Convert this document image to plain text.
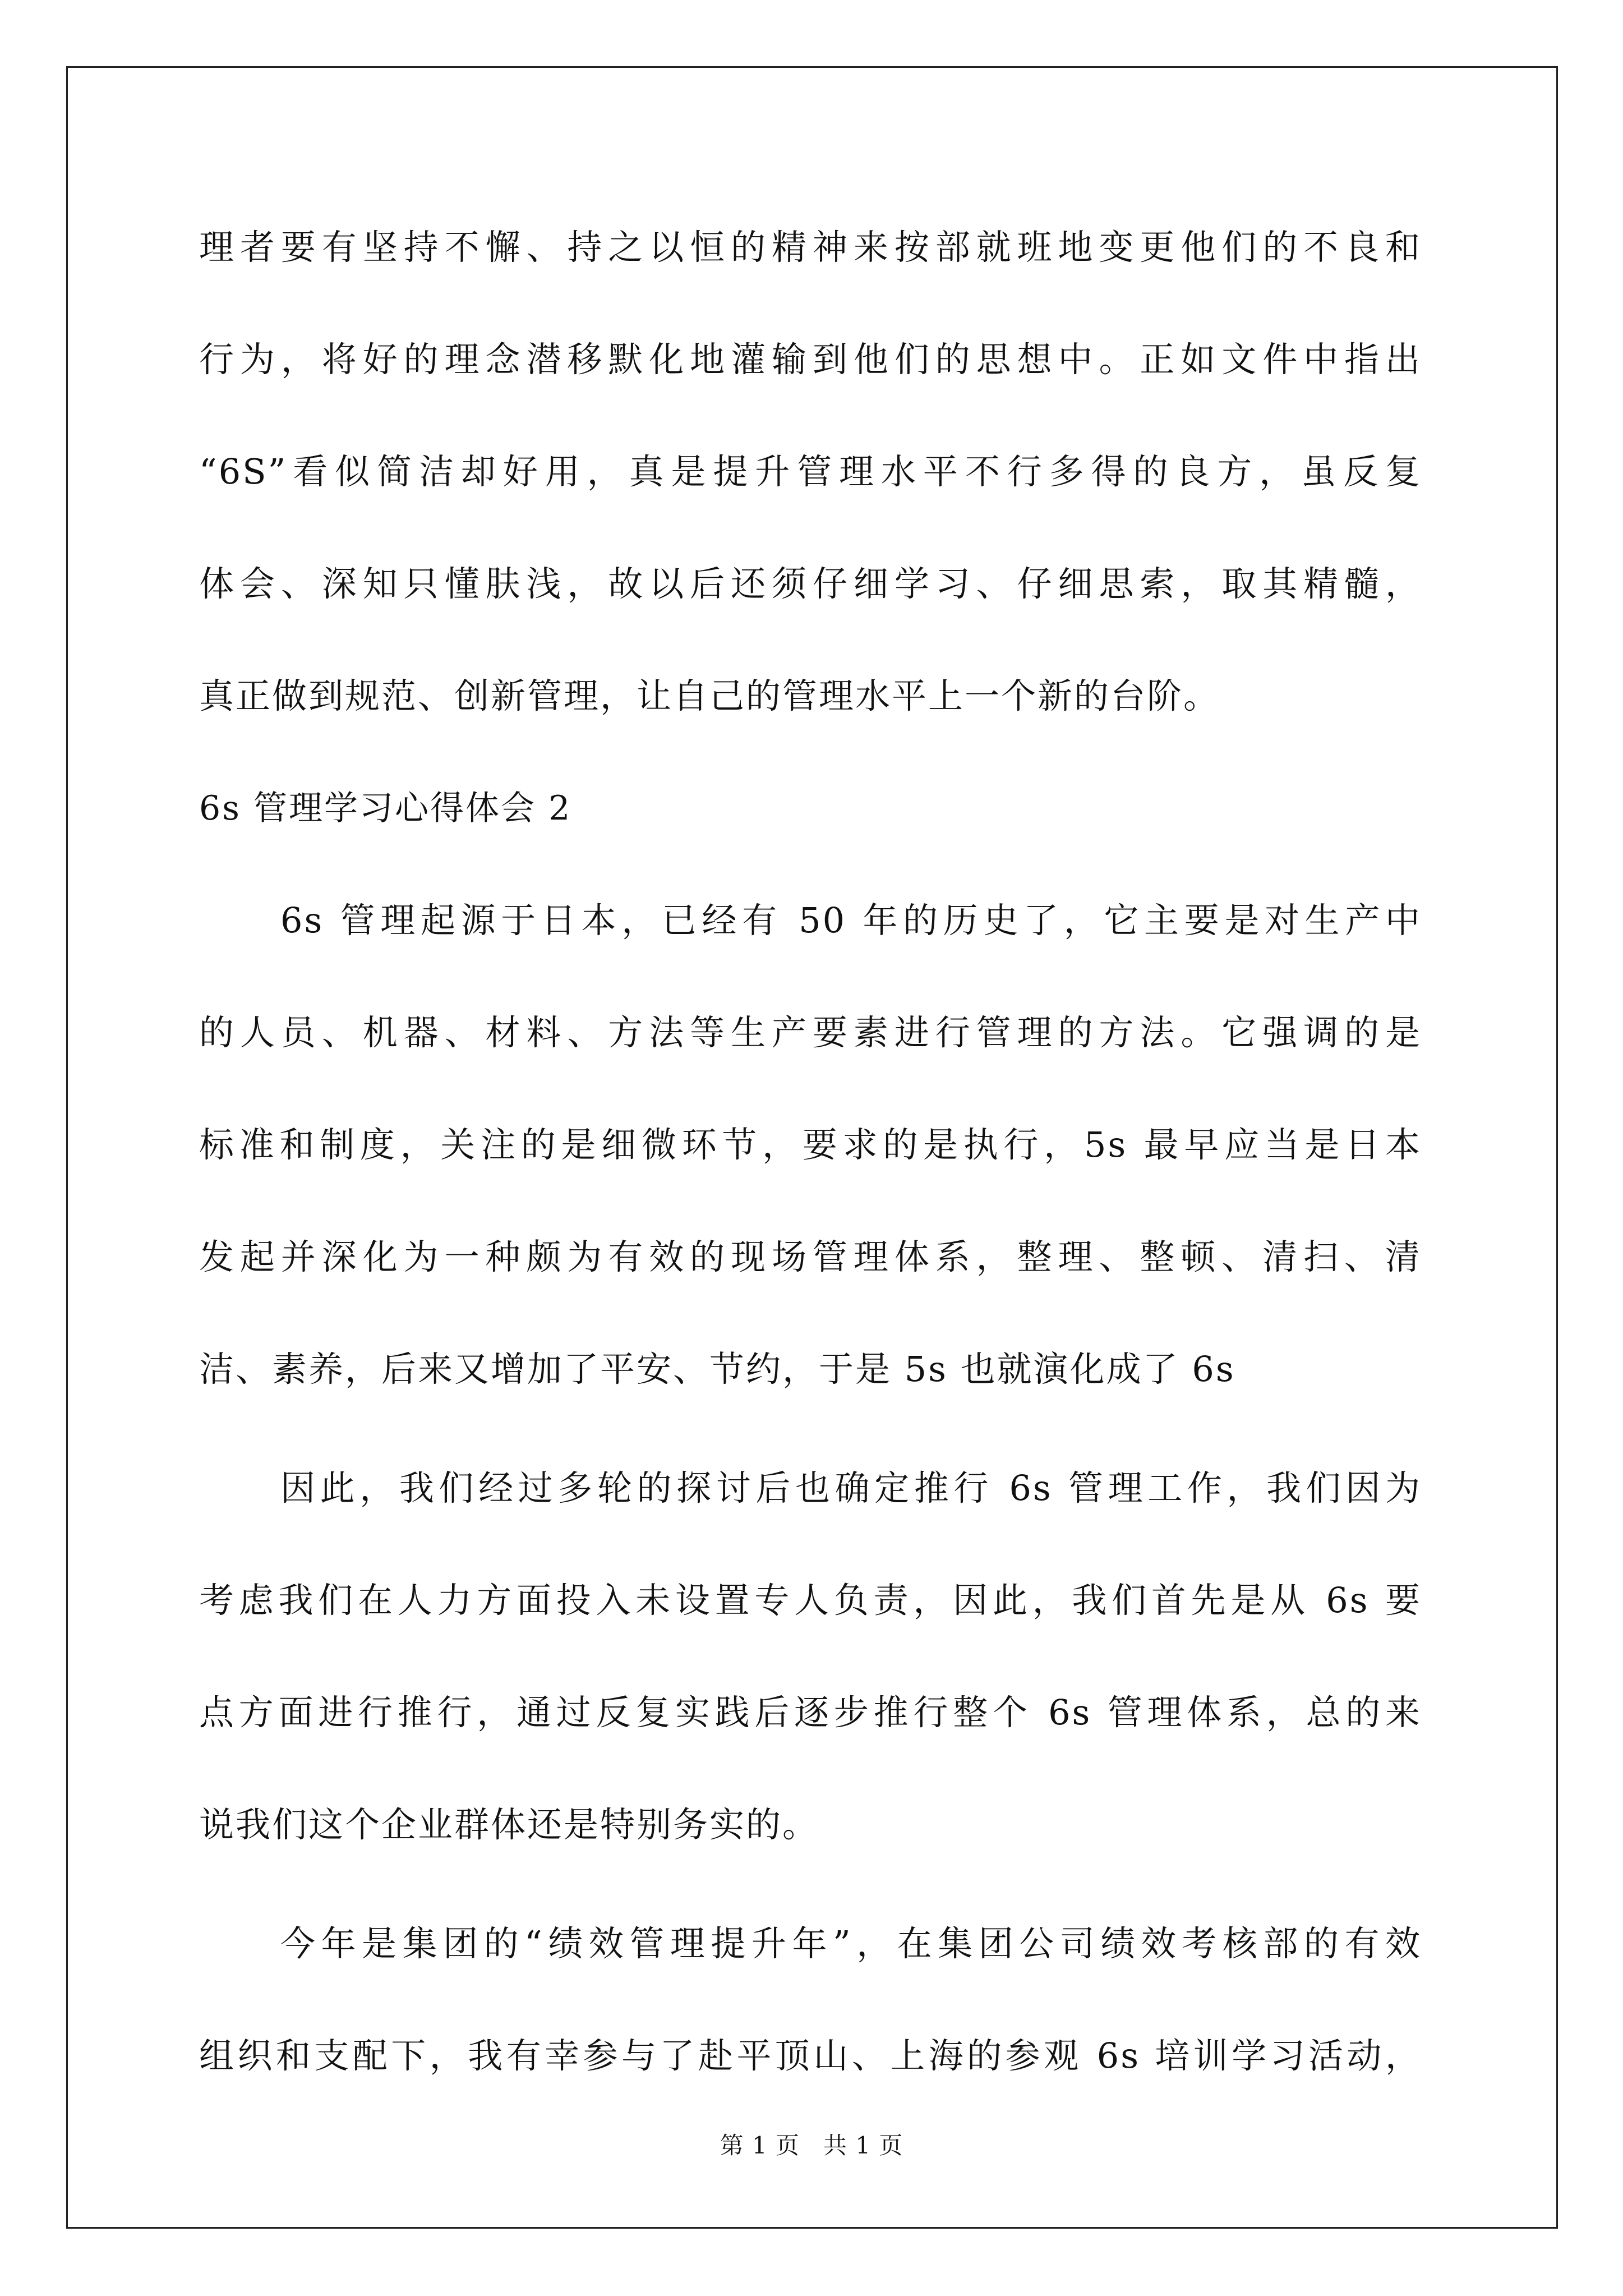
理者要有坚持不懈、持之以恒的精神来按部就班地变更他们的不良和
行为，将好的理念潜移默化地灌输到他们的思想中。正如文件中指出
“6S”看似简洁却好用，真是提升管理水平不行多得的良方，虽反复
体会、深知只懂肤浅，故以后还须仔细学习、仔细思索，取其精髓，
真正做到规范、创新管理，让自己的管理水平上一个新的台阶。
6s 管理学习心得体会 2
6s 管理起源于日本，已经有 50 年的历史了，它主要是对生产中
的人员、机器、材料、方法等生产要素进行管理的方法。它强调的是
标准和制度，关注的是细微环节，要求的是执行，5s 最早应当是日本
发起并深化为一种颇为有效的现场管理体系，整理、整顿、清扫、清
洁、素养，后来又增加了平安、节约，于是 5s 也就演化成了 6s
因此，我们经过多轮的探讨后也确定推行 6s 管理工作，我们因为
考虑我们在人力方面投入未设置专人负责，因此，我们首先是从 6s 要
点方面进行推行，通过反复实践后逐步推行整个 6s 管理体系，总的来
说我们这个企业群体还是特别务实的。
今年是集团的“绩效管理提升年”，在集团公司绩效考核部的有效
组织和支配下，我有幸参与了赴平顶山、上海的参观 6s 培训学习活动，
第 1 页 共 1 页
